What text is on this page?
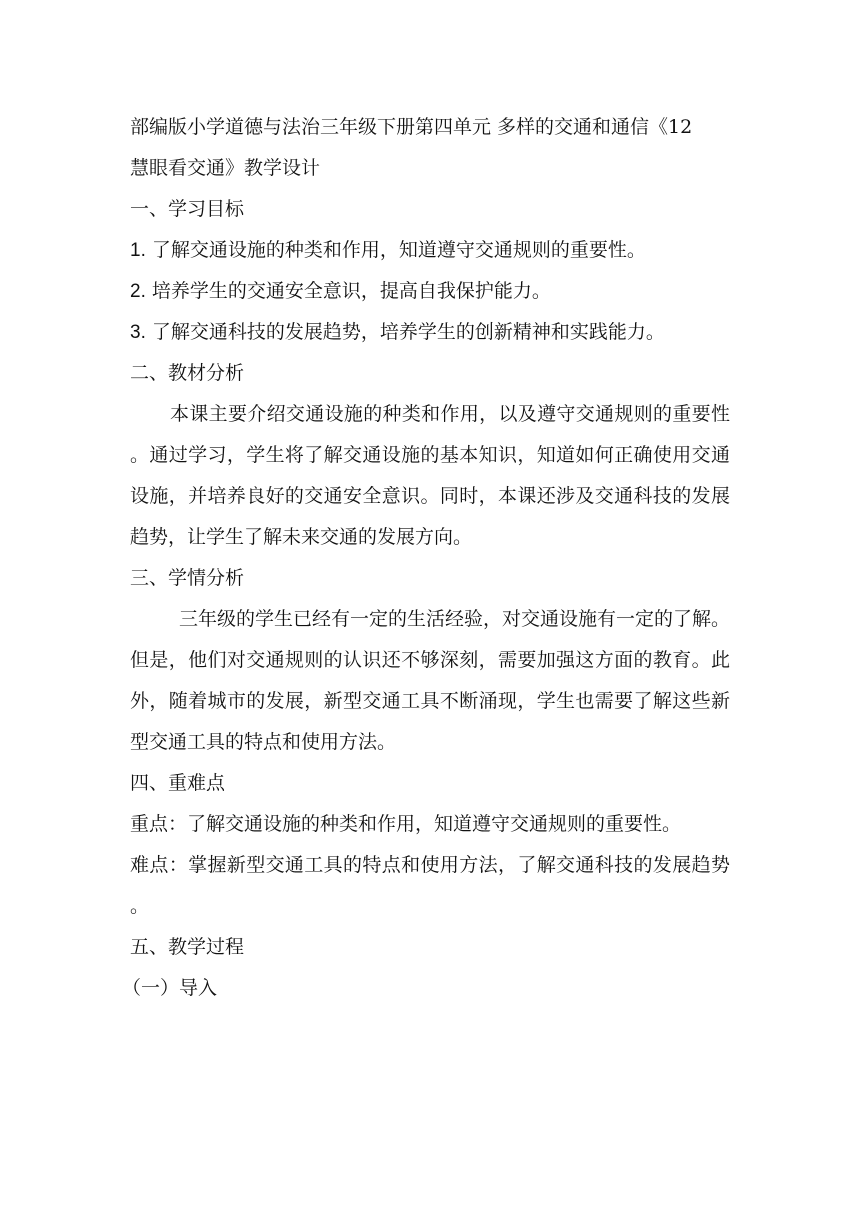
部编版小学道德与法治三年级下册第四单元 多样的交通和通信《12

慧眼看交通》教学设计

一、学习目标

1. 了解交通设施的种类和作用，知道遵守交通规则的重要性。

2. 培养学生的交通安全意识，提高自我保护能力。

3. 了解交通科技的发展趋势，培养学生的创新精神和实践能力。

二、教材分析

本课主要介绍交通设施的种类和作用，以及遵守交通规则的重要性。通过学习，学生将了解交通设施的基本知识，知道如何正确使用交通设施，并培养良好的交通安全意识。同时，本课还涉及交通科技的发展趋势，让学生了解未来交通的发展方向。

三、学情分析

三年级的学生已经有一定的生活经验，对交通设施有一定的了解。但是，他们对交通规则的认识还不够深刻，需要加强这方面的教育。此外，随着城市的发展，新型交通工具不断涌现，学生也需要了解这些新型交通工具的特点和使用方法。

四、重难点

重点：了解交通设施的种类和作用，知道遵守交通规则的重要性。

难点：掌握新型交通工具的特点和使用方法，了解交通科技的发展趋势。

五、教学过程

（一）导入
